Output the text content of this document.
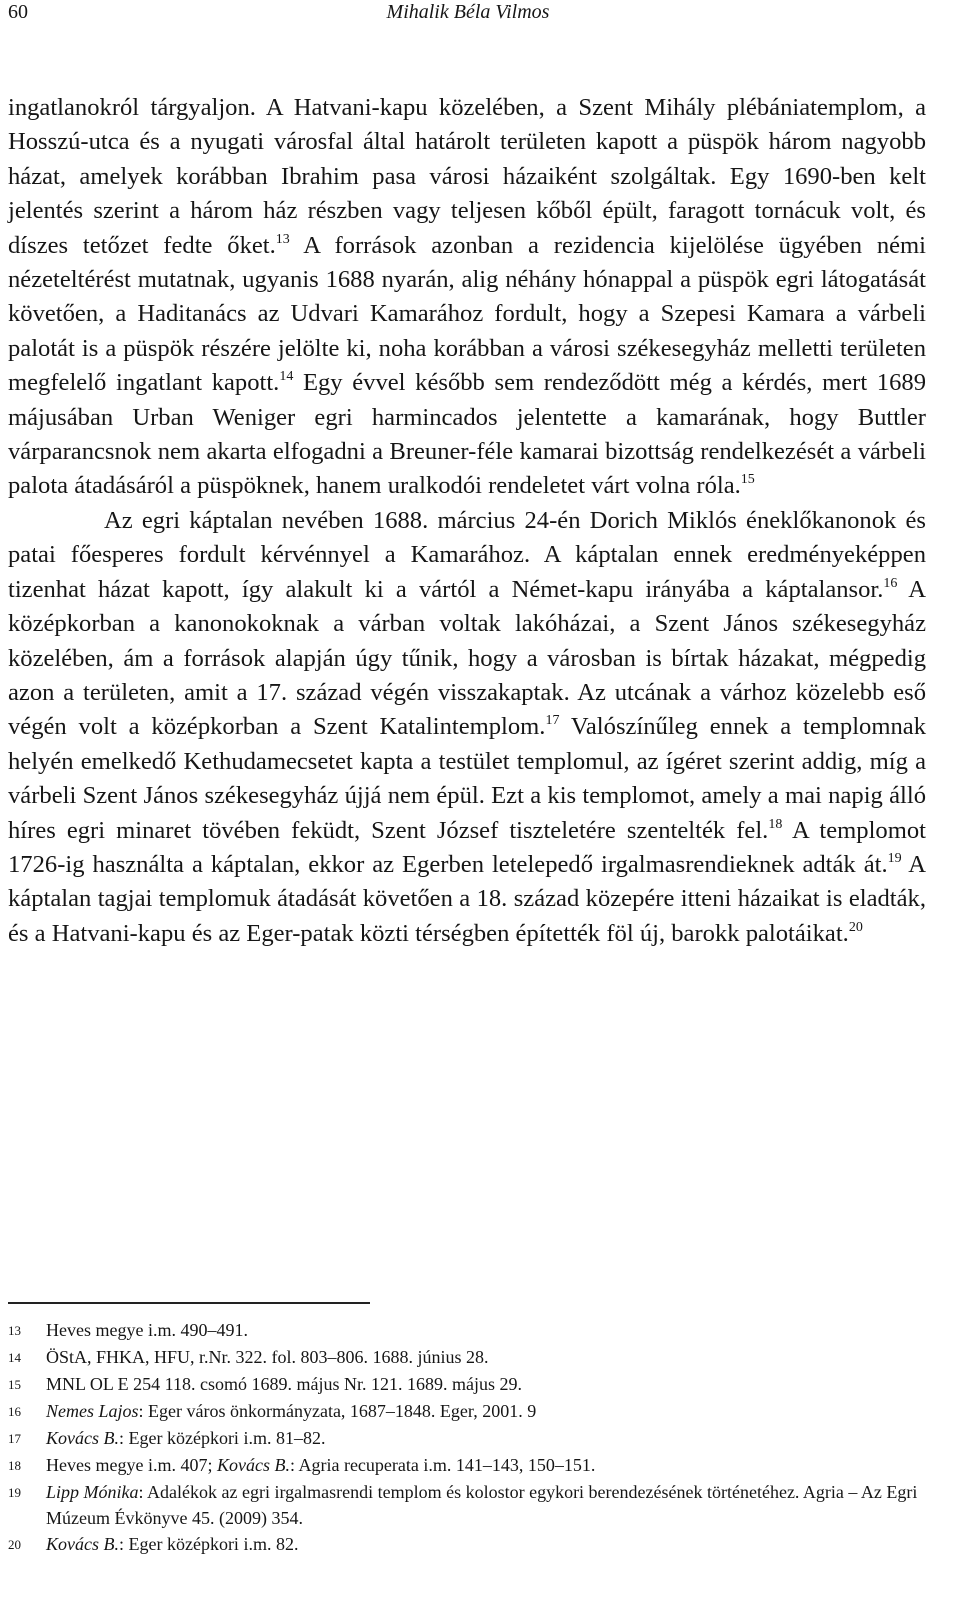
60	Mihalik Béla Vilmos

ingatlanokról tárgyaljon. A Hatvani-kapu közelében, a Szent Mihály plébániatemplom, a Hosszú-utca és a nyugati városfal által határolt területen kapott a püspök három nagyobb házat, amelyek korábban Ibrahim pasa városi házaiként szolgáltak. Egy 1690-ben kelt jelentés szerint a három ház részben vagy teljesen kőből épült, faragott tornácuk volt, és díszes tetőzet fedte őket.$^{13}$ A források azonban a rezidencia kijelölése ügyében némi nézeteltérést mutatnak, ugyanis 1688 nyarán, alig néhány hónappal a püspök egri látogatását követően, a Haditanács az Udvari Kamarához fordult, hogy a Szepesi Kamara a várbeli palotát is a püspök részére jelölte ki, noha korábban a városi székesegyház melletti területen megfelelő ingatlant kapott.$^{14}$ Egy évvel később sem rendeződött még a kérdés, mert 1689 májusában Urban Weniger egri harmincados jelentette a kamarának, hogy Buttler várparancsnok nem akarta elfogadni a Breuner-féle kamarai bizottság rendelkezését a várbeli palota átadásáról a püspöknek, hanem uralkodói rendeletet várt volna róla.$^{15}$

Az egri káptalan nevében 1688. március 24-én Dorich Miklós éneklőkanonok és patai főesperes fordult kérvénnyel a Kamarához. A káptalan ennek eredményeképpen tizenhat házat kapott, így alakult ki a vártól a Német-kapu irányába a káptalansor.$^{16}$ A középkorban a kanonokoknak a várban voltak lakóházai, a Szent János székesegyház közelében, ám a források alapján úgy tűnik, hogy a városban is bírtak házakat, mégpedig azon a területen, amit a 17. század végén visszakaptak. Az utcának a várhoz közelebb eső végén volt a középkorban a Szent Katalintemplom.$^{17}$ Valószínűleg ennek a templomnak helyén emelkedő Kethudamecsetet kapta a testület templomul, az ígéret szerint addig, míg a várbeli Szent János székesegyház újjá nem épül. Ezt a kis templomot, amely a mai napig álló híres egri minaret tövében feküdt, Szent József tiszteletére szentelték fel.$^{18}$ A templomot 1726-ig használta a káptalan, ekkor az Egerben letelepedő irgalmasrendieknek adták át.$^{19}$ A káptalan tagjai templomuk átadását követően a 18. század közepére itteni házaikat is eladták, és a Hatvani-kapu és az Eger-patak közti térségben építették föl új, barokk palotáikat.$^{20}$

13	Heves megye i.m. 490–491.
14	ÖStA, FHKA, HFU, r.Nr. 322. fol. 803–806. 1688. június 28.
15	MNL OL E 254 118. csomó 1689. május Nr. 121. 1689. május 29.
16	Nemes Lajos: Eger város önkormányzata, 1687–1848. Eger, 2001. 9
17	Kovács B.: Eger középkori i.m. 81–82.
18	Heves megye i.m. 407; Kovács B.: Agria recuperata i.m. 141–143, 150–151.
19	Lipp Mónika: Adalékok az egri irgalmasrendi templom és kolostor egykori berendezésének történetéhez. Agria – Az Egri Múzeum Évkönyve 45. (2009) 354.
20	Kovács B.: Eger középkori i.m. 82.
